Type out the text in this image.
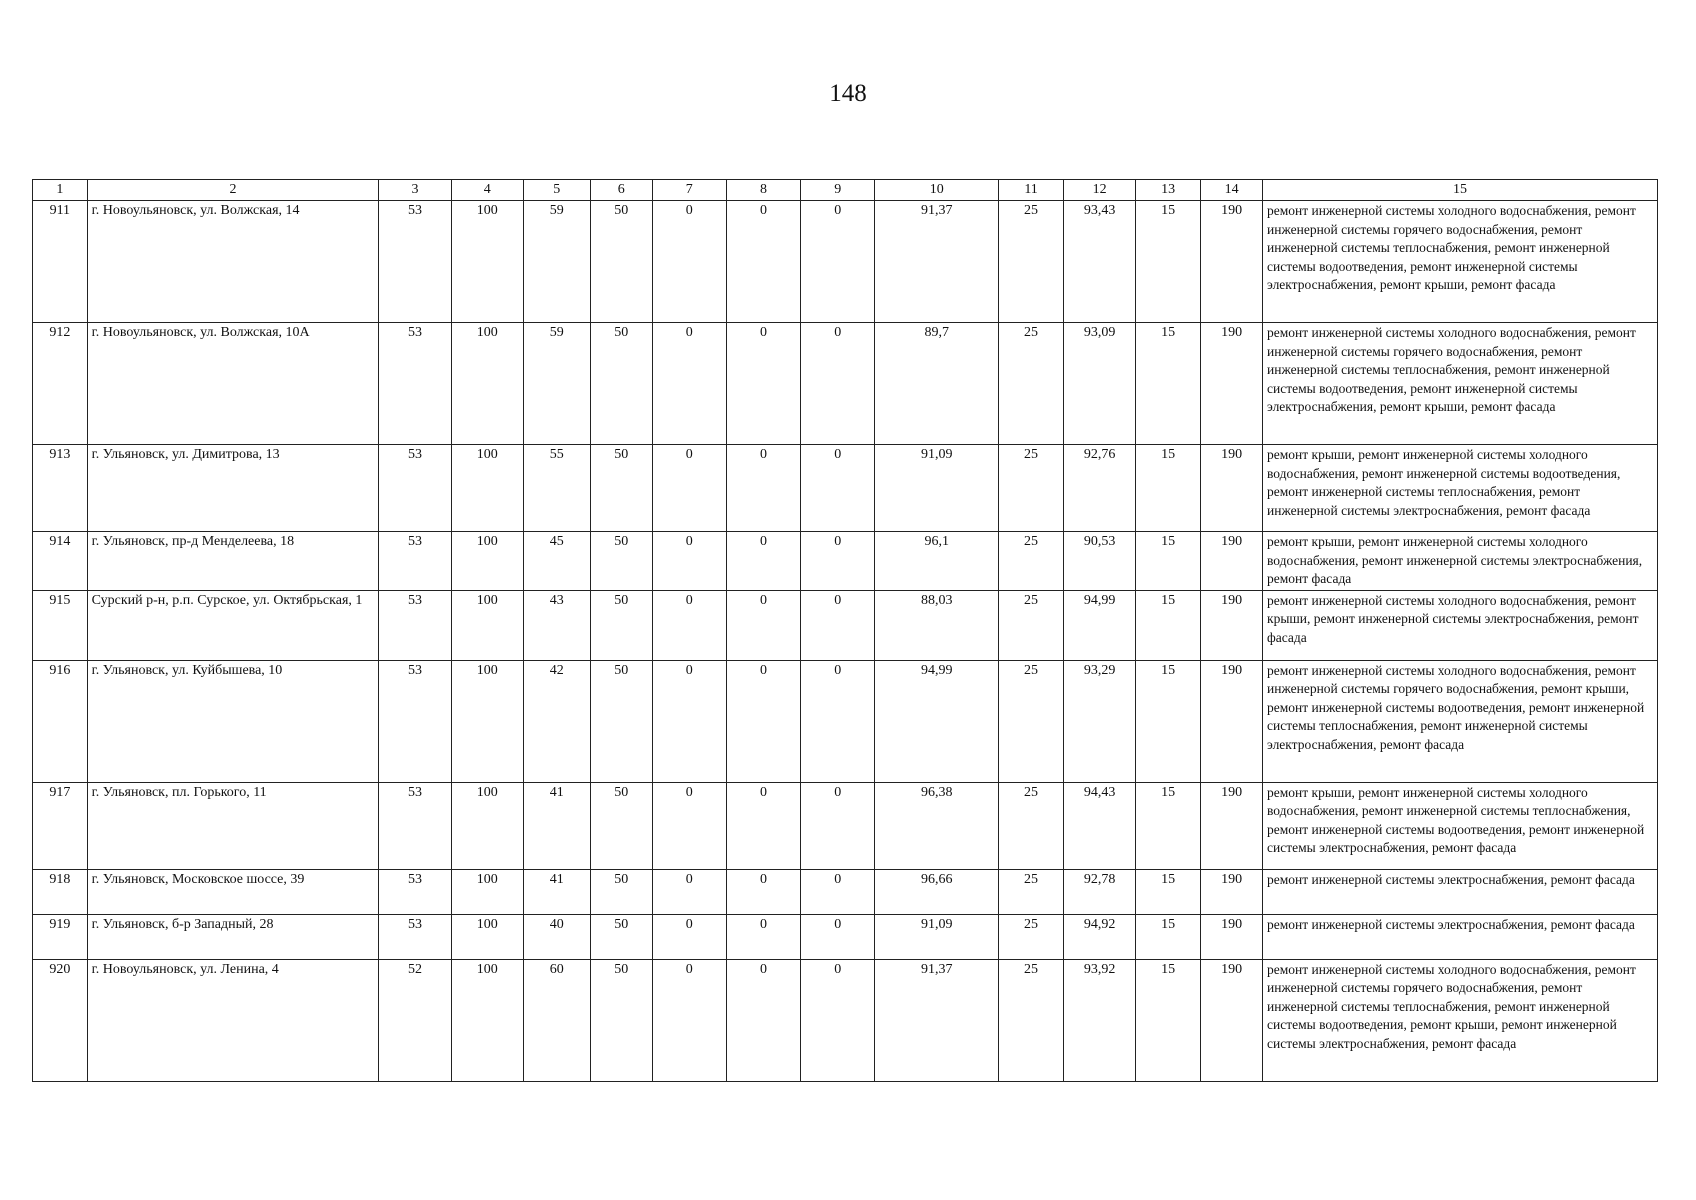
148
1	2	3	4	5	6	7	8	9	10	11	12	13	14	15
911	г. Новоульяновск, ул. Волжская, 14	53	100	59	50	0	0	0	91,37	25	93,43	15	190	ремонт инженерной системы холодного водоснабжения, ремонт инженерной системы горячего водоснабжения, ремонт инженерной системы теплоснабжения, ремонт инженерной системы водоотведения, ремонт инженерной системы электроснабжения, ремонт крыши, ремонт фасада
912	г. Новоульяновск, ул. Волжская, 10А	53	100	59	50	0	0	0	89,7	25	93,09	15	190	ремонт инженерной системы холодного водоснабжения, ремонт инженерной системы горячего водоснабжения, ремонт инженерной системы теплоснабжения, ремонт инженерной системы водоотведения, ремонт инженерной системы электроснабжения, ремонт крыши, ремонт фасада
913	г. Ульяновск, ул. Димитрова, 13	53	100	55	50	0	0	0	91,09	25	92,76	15	190	ремонт крыши, ремонт инженерной системы холодного водоснабжения, ремонт инженерной системы водоотведения, ремонт инженерной системы теплоснабжения, ремонт инженерной системы электроснабжения, ремонт фасада
914	г. Ульяновск, пр-д Менделеева, 18	53	100	45	50	0	0	0	96,1	25	90,53	15	190	ремонт крыши, ремонт инженерной системы холодного водоснабжения, ремонт инженерной системы электроснабжения, ремонт фасада
915	Сурский р-н, р.п. Сурское, ул. Октябрьская, 1	53	100	43	50	0	0	0	88,03	25	94,99	15	190	ремонт инженерной системы холодного водоснабжения, ремонт крыши, ремонт инженерной системы электроснабжения, ремонт фасада
916	г. Ульяновск, ул. Куйбышева, 10	53	100	42	50	0	0	0	94,99	25	93,29	15	190	ремонт инженерной системы холодного водоснабжения, ремонт инженерной системы горячего водоснабжения, ремонт крыши, ремонт инженерной системы водоотведения, ремонт инженерной системы теплоснабжения, ремонт инженерной системы электроснабжения, ремонт фасада
917	г. Ульяновск, пл. Горького, 11	53	100	41	50	0	0	0	96,38	25	94,43	15	190	ремонт крыши, ремонт инженерной системы холодного водоснабжения, ремонт инженерной системы теплоснабжения, ремонт инженерной системы водоотведения, ремонт инженерной системы электроснабжения, ремонт фасада
918	г. Ульяновск, Московское шоссе, 39	53	100	41	50	0	0	0	96,66	25	92,78	15	190	ремонт инженерной системы электроснабжения, ремонт фасада
919	г. Ульяновск, б-р Западный, 28	53	100	40	50	0	0	0	91,09	25	94,92	15	190	ремонт инженерной системы электроснабжения, ремонт фасада
920	г. Новоульяновск, ул. Ленина, 4	52	100	60	50	0	0	0	91,37	25	93,92	15	190	ремонт инженерной системы холодного водоснабжения, ремонт инженерной системы горячего водоснабжения, ремонт инженерной системы теплоснабжения, ремонт инженерной системы водоотведения, ремонт крыши, ремонт инженерной системы электроснабжения, ремонт фасада
